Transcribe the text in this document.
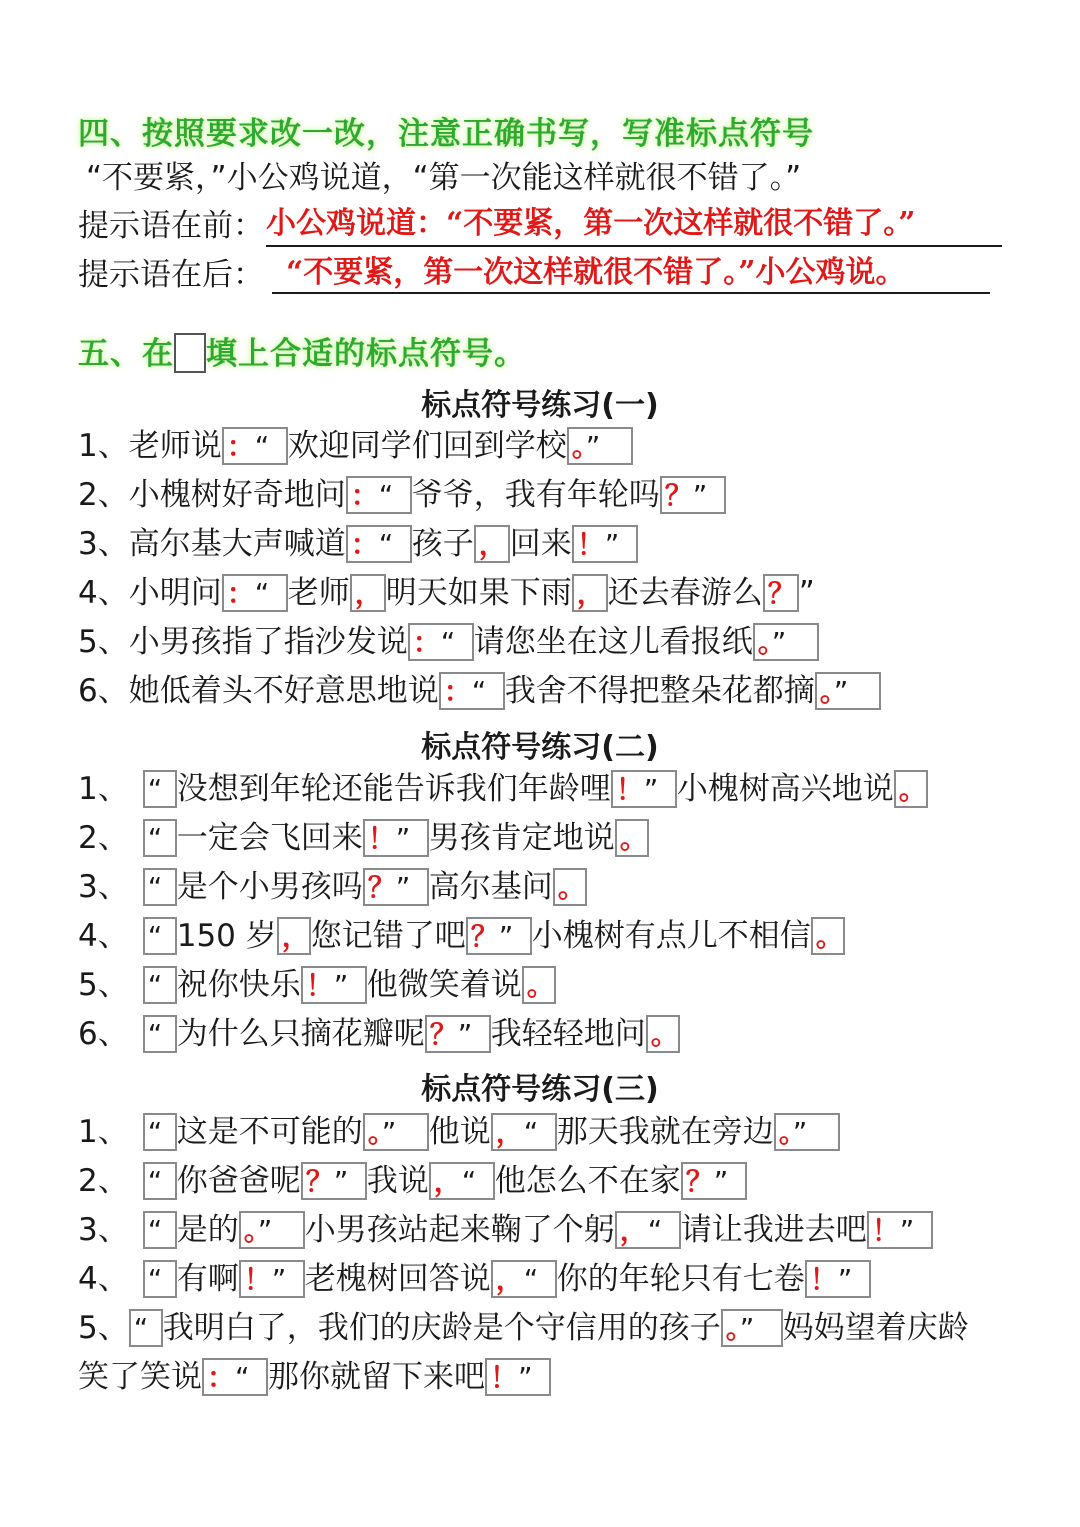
四、按照要求改一改，注意正确书写，写准标点符号
“不要紧，”小公鸡说道，“第一次能这样就很不错了。”
提示语在前： 小公鸡说道：“不要紧，第一次这样就很不错了。”
提示语在后： “不要紧，第一次这样就很不错了。”小公鸡说。
五、在 填上合适的标点符号。
标点符号练习(一)
1、老师说 ：“ 欢迎同学们回到学校 。”
2、小槐树好奇地问 ：“ 爷爷，我有年轮吗 ？”
3、高尔基大声喊道 ：“ 孩子 ，回来 ！”
4、小明问 ：“ 老师 ，明天如果下雨 ，还去春游么 ？”
5、小男孩指了指沙发说 ：“ 请您坐在这儿看报纸 。”
6、她低着头不好意思地说 ：“ 我舍不得把整朵花都摘 。”
标点符号练习(二)
1、 “ 没想到年轮还能告诉我们年龄哩 ！” 小槐树高兴地说 。
2、 “ 一定会飞回来 ！” 男孩肯定地说 。
3、 “ 是个小男孩吗 ？” 高尔基问 。
4、 “ 150 岁 ，您记错了吧 ？” 小槐树有点儿不相信 。
5、 “ 祝你快乐 ！” 他微笑着说 。
6、 “ 为什么只摘花瓣呢 ？” 我轻轻地问 。
标点符号练习(三)
1、 “ 这是不可能的 。” 他说 ，“ 那天我就在旁边 。”
2、 “ 你爸爸呢 ？” 我说 ，“ 他怎么不在家 ？”
3、 “ 是的 。” 小男孩站起来鞠了个躬 ，“ 请让我进去吧 ！”
4、 “ 有啊 ！” 老槐树回答说 ，“ 你的年轮只有七卷 ！”
5、 “ 我明白了，我们的庆龄是个守信用的孩子 。” 妈妈望着庆龄
笑了笑说 ：“ 那你就留下来吧 ！”
